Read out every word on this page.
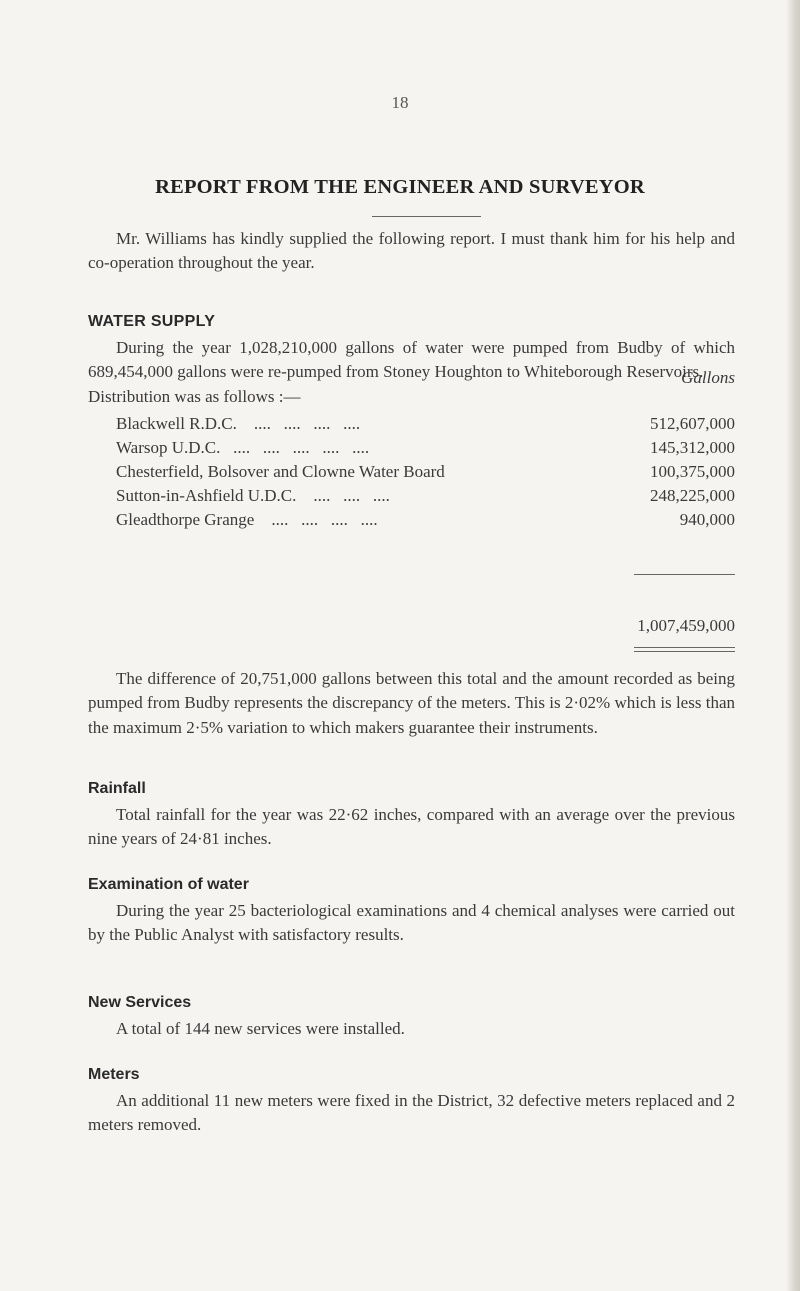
18
REPORT FROM THE ENGINEER AND SURVEYOR

Mr. Williams has kindly supplied the following report. I must thank him for his help and co-operation throughout the year.

WATER SUPPLY

During the year 1,028,210,000 gallons of water were pumped from Budby of which 689,454,000 gallons were re-pumped from Stoney Houghton to Whiteborough Reservoirs.

Distribution was as follows :—

Gallons
Blackwell R.D.C. ....   ....   ....   ....	512,607,000
Warsop U.D.C. ....   ....   ....   ....   ....	145,312,000
Chesterfield, Bolsover and Clowne Water Board	100,375,000
Sutton-in-Ashfield U.D.C. ....   ....   ....	248,225,000
Gleadthorpe Grange ....   ....   ....   ....	940,000
1,007,459,000

The difference of 20,751,000 gallons between this total and the amount recorded as being pumped from Budby represents the discrepancy of the meters. This is 2·02% which is less than the maximum 2·5% variation to which makers guarantee their instruments.

Rainfall

Total rainfall for the year was 22·62 inches, compared with an average over the previous nine years of 24·81 inches.

Examination of water

During the year 25 bacteriological examinations and 4 chemical analyses were carried out by the Public Analyst with satisfactory results.

New Services

A total of 144 new services were installed.

Meters

An additional 11 new meters were fixed in the District, 32 defective meters replaced and 2 meters removed.
